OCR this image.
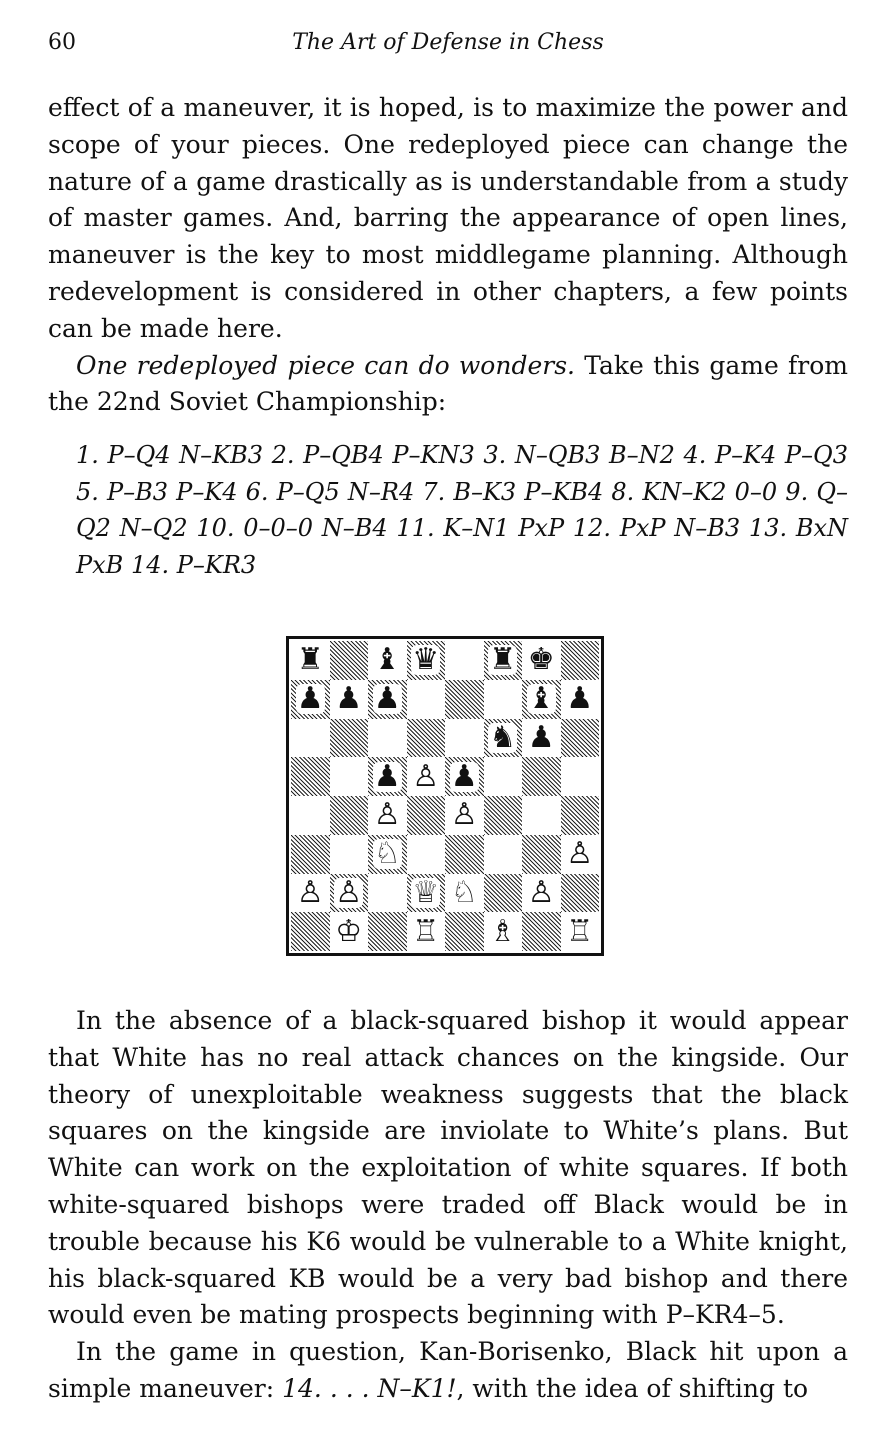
60	The Art of Defense in Chess

effect of a maneuver, it is hoped, is to maximize the power and scope of your pieces. One redeployed piece can change the nature of a game drastically as is understandable from a study of master games. And, barring the appearance of open lines, maneuver is the key to most middlegame planning. Although redevelopment is considered in other chapters, a few points can be made here.

One redeployed piece can do wonders. Take this game from the 22nd Soviet Championship:

1. P–Q4 N–KB3 2. P–QB4 P–KN3 3. N–QB3 B–N2 4. P–K4 P–Q3 5. P–B3 P–K4 6. P–Q5 N–R4 7. B–K3 P–KB4 8. KN–K2 0–0 9. Q–Q2 N–Q2 10. 0–0–0 N–B4 11. K–N1 PxP 12. PxP N–B3 13. BxN PxB 14. P–KR3

♜ ♝ ♛ ♜ ♚
♟ ♟ ♟	♝ ♟
♞ ♟
♟ ♙ ♟
♙ ♙
♘	♙
♙ ♙ ♕ ♘ ♙
♔ ♖ ♗ ♖

In the absence of a black-squared bishop it would appear that White has no real attack chances on the kingside. Our theory of unexploitable weakness suggests that the black squares on the kingside are inviolate to White’s plans. But White can work on the exploitation of white squares. If both white-squared bishops were traded off Black would be in trouble because his K6 would be vulnerable to a White knight, his black-squared KB would be a very bad bishop and there would even be mating prospects beginning with P–KR4–5.

In the game in question, Kan-Borisenko, Black hit upon a simple maneuver: 14. . . . N–K1!, with the idea of shifting to
